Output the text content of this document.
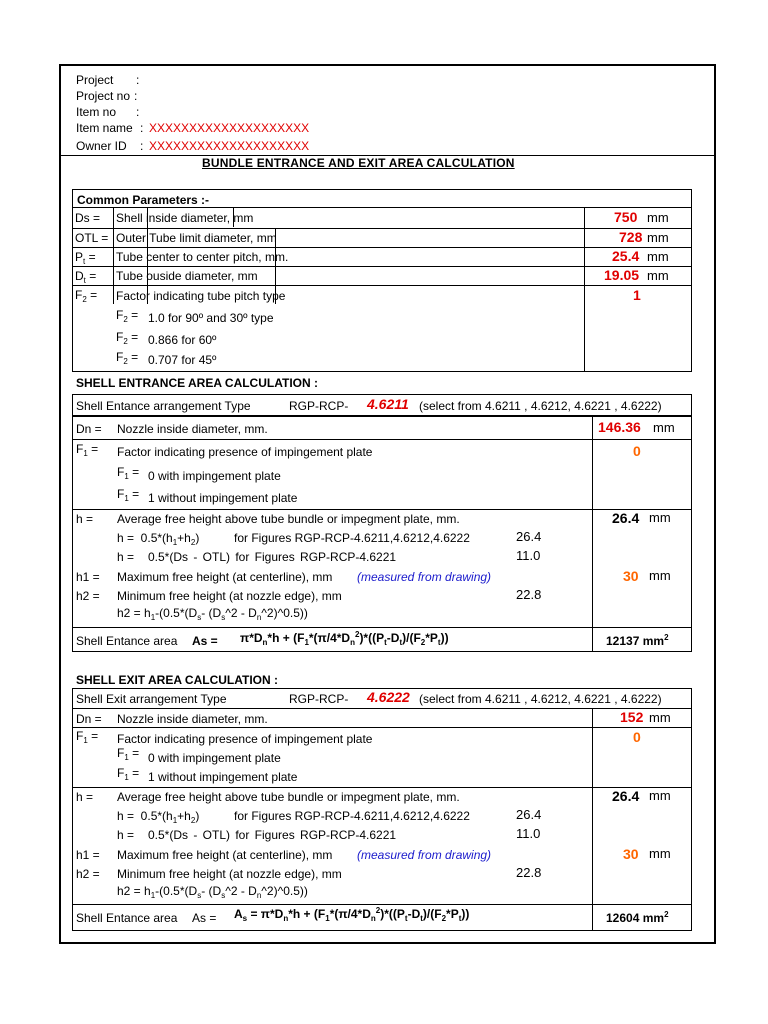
Project :
Project no :
Item no :
Item name : XXXXXXXXXXXXXXXXXXXX
Owner ID : XXXXXXXXXXXXXXXXXXXX
BUNDLE ENTRANCE AND EXIT AREA CALCULATION
Common Parameters :-
Ds = Shell inside diameter, mm	750 mm
OTL = Outer Tube limit diameter, mm	728 mm
$P_t$ = Tube center to center pitch, mm.	25.4 mm
$D_t$ = Tube ouside diameter, mm	19.05 mm
$F_2$ = Factor indicating tube pitch type	1
$F_2 = 1.0$ for 90º and 30º type
$F_2 = 0.866$ for 60º
$F_2 = 0.707$ for 45º
SHELL ENTRANCE AREA CALCULATION :
Shell Entance arrangement Type	RGP-RCP- 4.6211 (select from 4.6211 , 4.6212, 4.6221 , 4.6222)
Dn = Nozzle inside diameter, mm.	146.36 mm
$F_1$ = Factor indicating presence of impingement plate	0
$F_1 = 0$ with impingement plate
$F_1 = 1$ without impingement plate
h = Average free height above tube bundle or impegment plate, mm.	26.4 mm
$h = 0.5*(h_1+h_2)$	for Figures RGP-RCP-4.6211,4.6212,4.6222	26.4
h = 0.5*(Ds - OTL) for Figures RGP-RCP-4.6221	11.0
h1 = Maximum free height (at centerline), mm (measured from drawing)	30 mm
h2 = Minimum free height (at nozzle edge), mm	22.8
$h2 = h_1-(0.5*(D_s-$ ($D_s\^{}2$ - $D_n\^{}2)\^{}0.5$))
Shell Entance area $As = \pi*D_n*h + (F_1*(\pi/4*D_n^2)*((P_t-D_t)/(F_2*P_t))$	12137 $mm^2$
SHELL EXIT AREA CALCULATION :
Shell Exit arrangement Type	RGP-RCP- 4.6222 (select from 4.6211 , 4.6212, 4.6221 , 4.6222)
Dn = Nozzle inside diameter, mm.	152 mm
$F_1$ = Factor indicating presence of impingement plate	0
$F_1 = 0$ with impingement plate
$F_1 = 1$ without impingement plate
h = Average free height above tube bundle or impegment plate, mm.	26.4 mm
$h = 0.5*(h_1+h_2)$	for Figures RGP-RCP-4.6211,4.6212,4.6222	26.4
h = 0.5*(Ds - OTL) for Figures RGP-RCP-4.6221	11.0
h1 = Maximum free height (at centerline), mm (measured from drawing)	30 mm
h2 = Minimum free height (at nozzle edge), mm	22.8
$h2 = h_1-(0.5*(D_s-$ ($D_s\^{}2$ - $D_n\^{}2)\^{}0.5$))
Shell Entance area $As = A_s = \pi*D_n*h + (F_1*(\pi/4*D_n^2)*((P_t-D_t)/(F_2*P_t))$	12604 $mm^2$
